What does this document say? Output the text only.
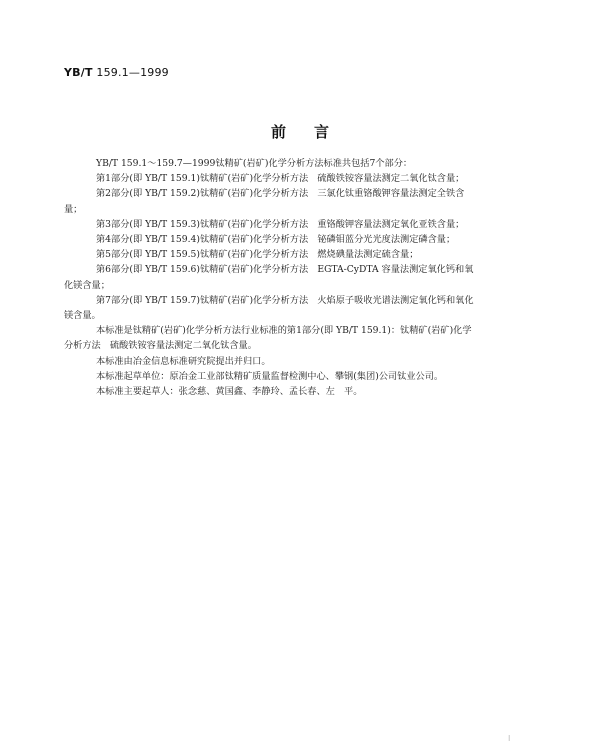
YB/T 159.1—1999
前言

YB/T 159.1～159.7—1999钛精矿(岩矿)化学分析方法标准共包括7个部分：

第1部分(即 YB/T 159.1)钛精矿(岩矿)化学分析方法　硫酸铁铵容量法测定二氧化钛含量；

第2部分(即 YB/T 159.2)钛精矿(岩矿)化学分析方法　三氯化钛重铬酸钾容量法测定全铁含

量；

第3部分(即 YB/T 159.3)钛精矿(岩矿)化学分析方法　重铬酸钾容量法测定氧化亚铁含量；

第4部分(即 YB/T 159.4)钛精矿(岩矿)化学分析方法　铋磷钼蓝分光光度法测定磷含量；

第5部分(即 YB/T 159.5)钛精矿(岩矿)化学分析方法　燃烧碘量法测定硫含量；

第6部分(即 YB/T 159.6)钛精矿(岩矿)化学分析方法　EGTA-CyDTA 容量法测定氧化钙和氧

化镁含量；

第7部分(即 YB/T 159.7)钛精矿(岩矿)化学分析方法　火焰原子吸收光谱法测定氧化钙和氧化

镁含量。

本标准是钛精矿(岩矿)化学分析方法行业标准的第1部分(即 YB/T 159.1)：钛精矿(岩矿)化学

分析方法　硫酸铁铵容量法测定二氧化钛含量。

本标准由冶金信息标准研究院提出并归口。

本标准起草单位：原冶金工业部钛精矿质量监督检测中心、攀钢(集团)公司钛业公司。

本标准主要起草人：张念慈、黄国鑫、李静玲、孟长春、左　平。

I
